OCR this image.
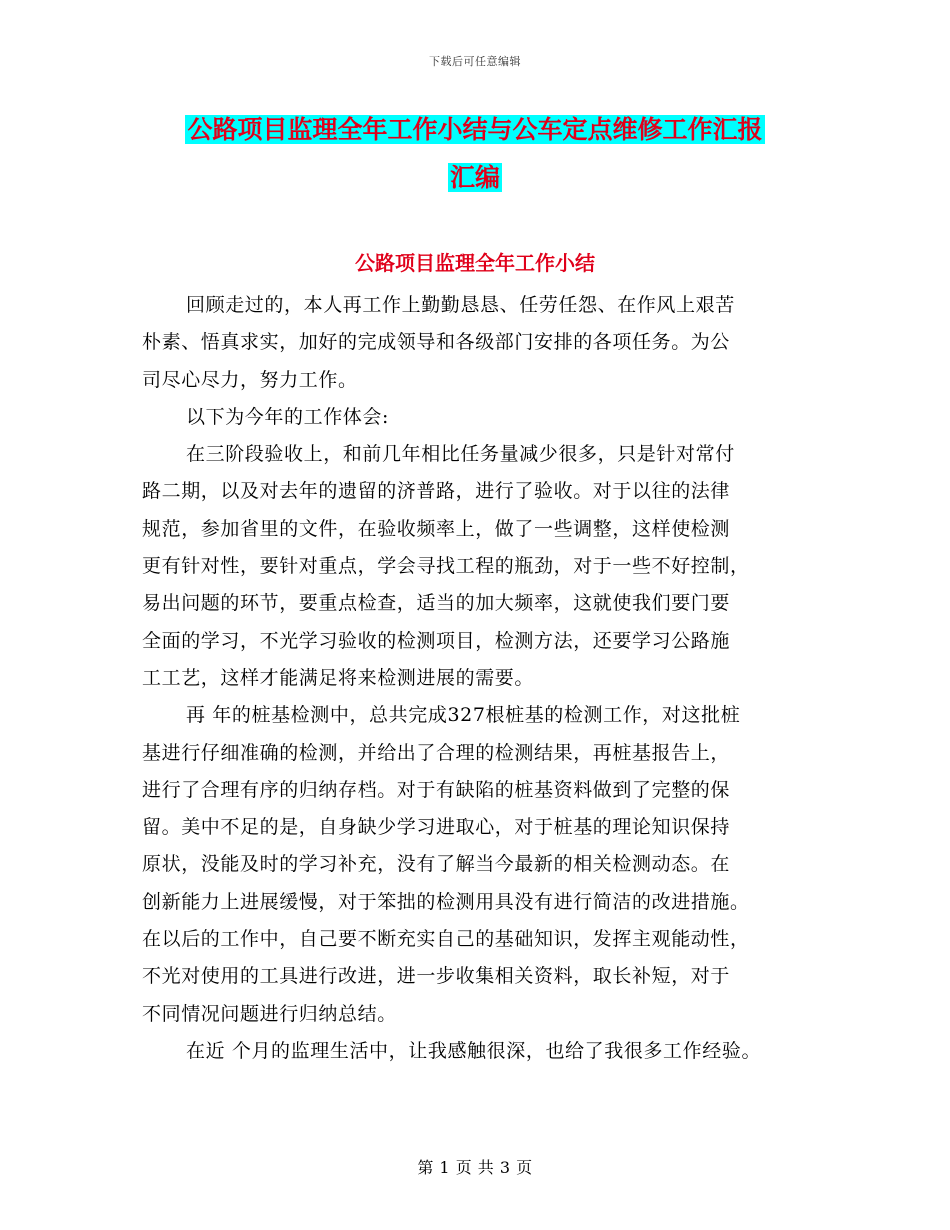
下载后可任意编辑
公路项目监理全年工作小结与公车定点维修工作汇报
汇编
公路项目监理全年工作小结
回顾走过的，本人再工作上勤勤恳恳、任劳任怨、在作风上艰苦
朴素、悟真求实，加好的完成领导和各级部门安排的各项任务。为公
司尽心尽力，努力工作。
以下为今年的工作体会:
在三阶段验收上，和前几年相比任务量减少很多，只是针对常付
路二期，以及对去年的遗留的济普路，进行了验收。对于以往的法律
规范，参加省里的文件，在验收频率上，做了一些调整，这样使检测
更有针对性，要针对重点，学会寻找工程的瓶劲，对于一些不好控制，
易出问题的环节，要重点检查，适当的加大频率，这就使我们要门要
全面的学习，不光学习验收的检测项目，检测方法，还要学习公路施
工工艺，这样才能满足将来检测进展的需要。
再 年的桩基检测中，总共完成327根桩基的检测工作，对这批桩
基进行仔细准确的检测，并给出了合理的检测结果，再桩基报告上，
进行了合理有序的归纳存档。对于有缺陷的桩基资料做到了完整的保
留。美中不足的是，自身缺少学习进取心，对于桩基的理论知识保持
原状，没能及时的学习补充，没有了解当今最新的相关检测动态。在
创新能力上进展缓慢，对于笨拙的检测用具没有进行简洁的改进措施。
在以后的工作中，自己要不断充实自己的基础知识，发挥主观能动性，
不光对使用的工具进行改进，进一步收集相关资料，取长补短，对于
不同情况问题进行归纳总结。
在近 个月的监理生活中，让我感触很深，也给了我很多工作经验。
第 1 页 共 3 页
